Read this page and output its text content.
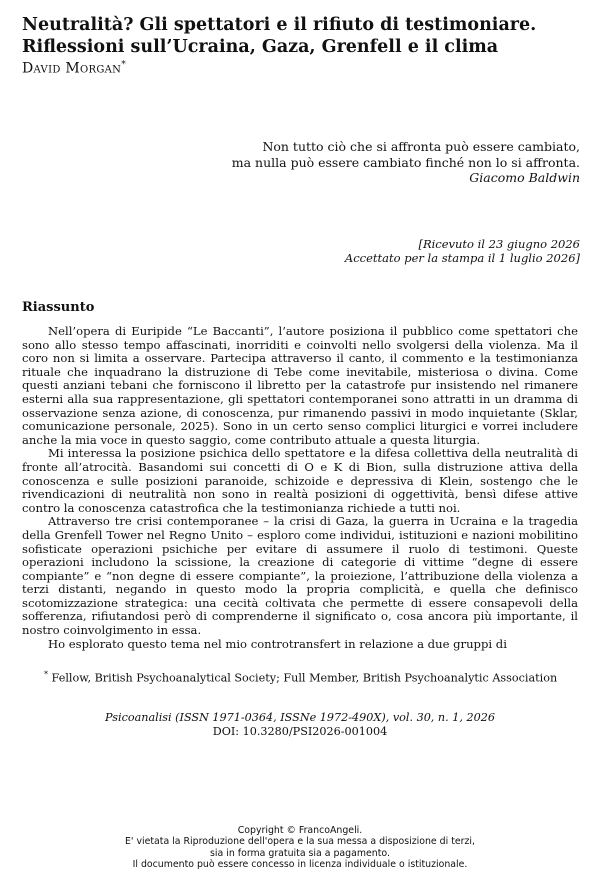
Neutralità? Gli spettatori e il rifiuto di testimoniare.
Riflessioni sull’Ucraina, Gaza, Grenfell e il clima
David Morgan*
Non tutto ciò che si affronta può essere cambiato,
ma nulla può essere cambiato finché non lo si affronta.
Giacomo Baldwin
[Ricevuto il 23 giugno 2026
Accettato per la stampa il 1 luglio 2026]
Riassunto

Nell’opera di Euripide “Le Baccanti”, l’autore posiziona il pubblico come spettatori che sono allo stesso tempo affascinati, inorriditi e coinvolti nello svolgersi della violenza. Ma il coro non si limita a osservare. Partecipa attraverso il canto, il commento e la testimonianza rituale che inquadrano la distruzione di Tebe come inevitabile, misteriosa o divina. Come questi anziani tebani che forniscono il libretto per la catastrofe pur insistendo nel rimanere esterni alla sua rappresentazione, gli spettatori contemporanei sono attratti in un dramma di osservazione senza azione, di conoscenza, pur rimanendo passivi in modo inquietante (Sklar, comunicazione personale, 2025). Sono in un certo senso complici liturgici e vorrei includere anche la mia voce in questo saggio, come contributo attuale a questa liturgia.

Mi interessa la posizione psichica dello spettatore e la difesa collettiva della neutralità di fronte all’atrocità. Basandomi sui concetti di O e K di Bion, sulla distruzione attiva della conoscenza e sulle posizioni paranoide, schizoide e depressiva di Klein, sostengo che le rivendicazioni di neutralità non sono in realtà posizioni di oggettività, bensì difese attive contro la conoscenza catastrofica che la testimonianza richiede a tutti noi.

Attraverso tre crisi contemporanee – la crisi di Gaza, la guerra in Ucraina e la tragedia della Grenfell Tower nel Regno Unito – esploro come individui, istituzioni e nazioni mobilitino sofisticate operazioni psichiche per evitare di assumere il ruolo di testimoni. Queste operazioni includono la scissione, la creazione di categorie di vittime “degne di essere compiante” e “non degne di essere compiante”, la proiezione, l’attribuzione della violenza a terzi distanti, negando in questo modo la propria complicità, e quella che definisco scotomizzazione strategica: una cecità coltivata che permette di essere consapevoli della sofferenza, rifiutandosi però di comprenderne il significato o, cosa ancora più importante, il nostro coinvolgimento in essa.

Ho esplorato questo tema nel mio controtransfert in relazione a due gruppi di

* Fellow, British Psychoanalytical Society; Full Member, British Psychoanalytic Association
Psicoanalisi (ISSN 1971-0364, ISSNe 1972-490X), vol. 30, n. 1, 2026
DOI: 10.3280/PSI2026-001004
Copyright © FrancoAngeli.
E' vietata la Riproduzione dell'opera e la sua messa a disposizione di terzi,
sia in forma gratuita sia a pagamento.
Il documento può essere concesso in licenza individuale o istituzionale.
